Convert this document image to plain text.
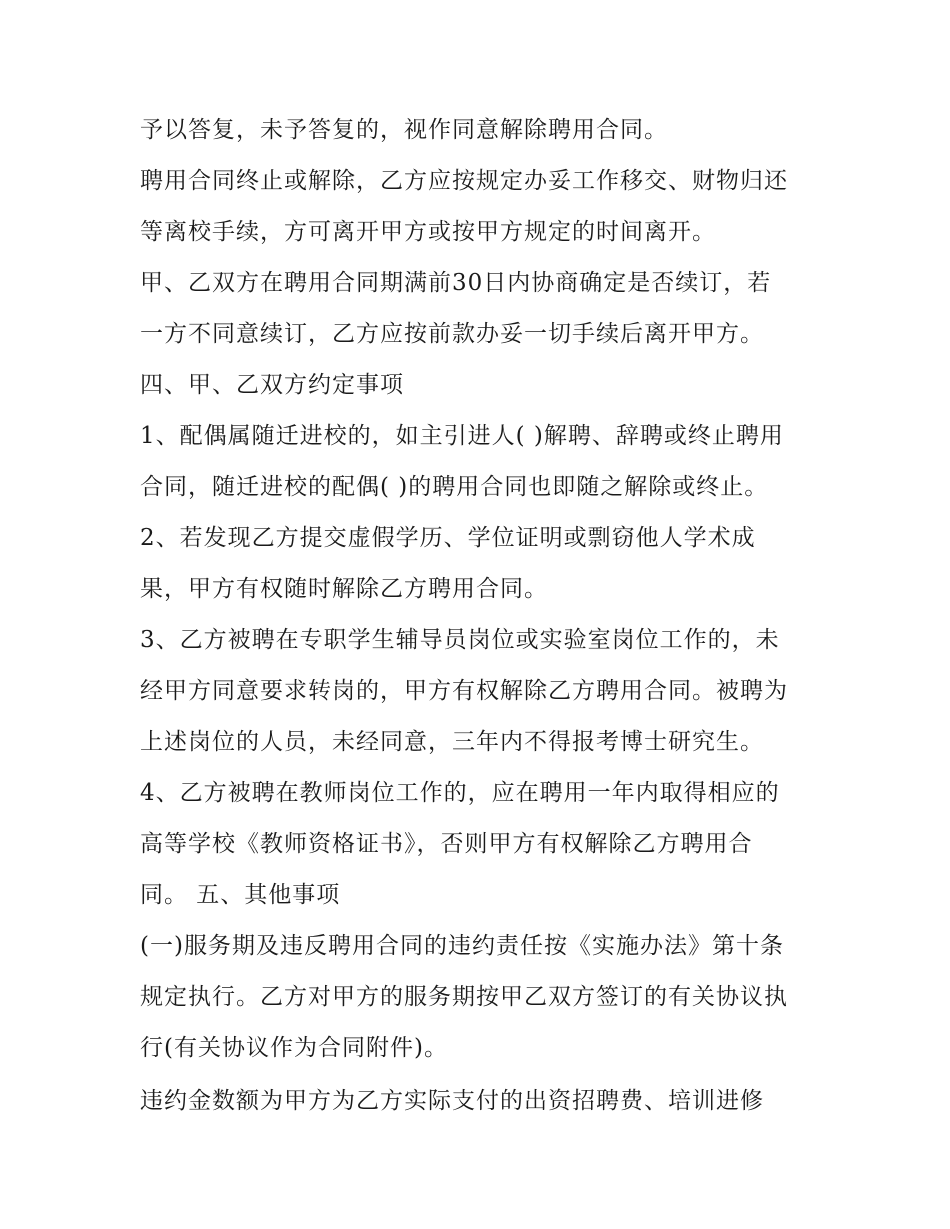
予以答复，未予答复的，视作同意解除聘用合同。
聘用合同终止或解除，乙方应按规定办妥工作移交、财物归还
等离校手续，方可离开甲方或按甲方规定的时间离开。
甲、乙双方在聘用合同期满前30日内协商确定是否续订，若
一方不同意续订，乙方应按前款办妥一切手续后离开甲方。
四、甲、乙双方约定事项
1、配偶属随迁进校的，如主引进人( )解聘、辞聘或终止聘用
合同，随迁进校的配偶( )的聘用合同也即随之解除或终止。
2、若发现乙方提交虚假学历、学位证明或剽窃他人学术成
果，甲方有权随时解除乙方聘用合同。
3、乙方被聘在专职学生辅导员岗位或实验室岗位工作的，未
经甲方同意要求转岗的，甲方有权解除乙方聘用合同。被聘为
上述岗位的人员，未经同意，三年内不得报考博士研究生。
4、乙方被聘在教师岗位工作的，应在聘用一年内取得相应的
高等学校《教师资格证书》，否则甲方有权解除乙方聘用合
同。 五、其他事项
(一)服务期及违反聘用合同的违约责任按《实施办法》第十条
规定执行。乙方对甲方的服务期按甲乙双方签订的有关协议执
行(有关协议作为合同附件)。
违约金数额为甲方为乙方实际支付的出资招聘费、培训进修
